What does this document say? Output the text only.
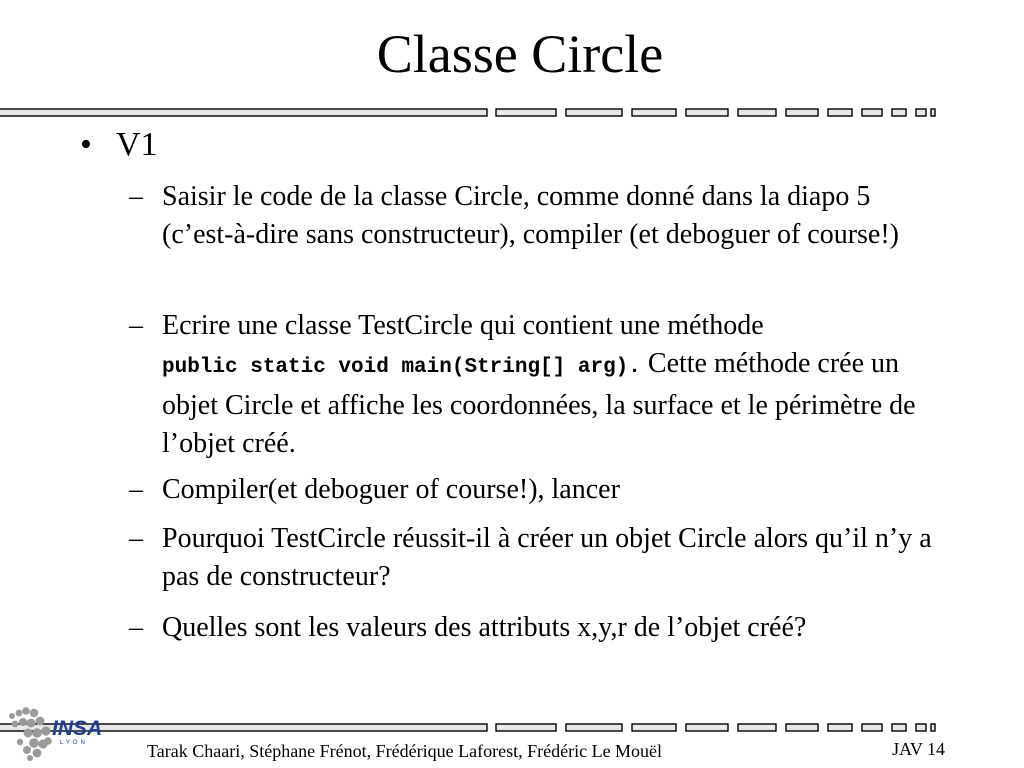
Classe Circle
• V1
– Saisir le code de la classe Circle, comme donné dans la diapo 5 (c’est-à-dire sans constructeur), compiler (et deboguer of course!)
– Ecrire une classe TestCircle qui contient une méthode
public static void main(String[] arg). Cette méthode crée un objet Circle et affiche les coordonnées, la surface et le périmètre de l’objet créé.
– Compiler(et deboguer of course!), lancer
– Pourquoi TestCircle réussit-il à créer un objet Circle alors qu’il n’y a pas de constructeur?
– Quelles sont les valeurs des attributs x,y,r de l’objet créé?
INSA
LYON	Tarak Chaari, Stéphane Frénot, Frédérique Laforest, Frédéric Le Mouël	JAV 14
